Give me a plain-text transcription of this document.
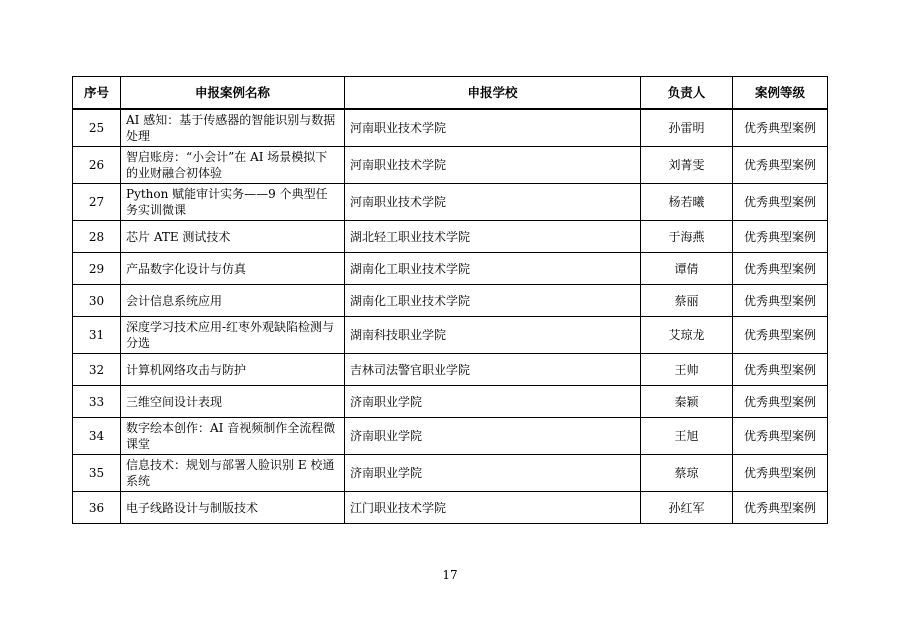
序号	申报案例名称	申报学校	负责人	案例等级
25	AI 感知：基于传感器的智能识别与数据处理	河南职业技术学院	孙雷明	优秀典型案例
26	智启账房：“小会计”在 AI 场景模拟下的业财融合初体验	河南职业技术学院	刘菁雯	优秀典型案例
27	Python 赋能审计实务——9 个典型任务实训微课	河南职业技术学院	杨若曦	优秀典型案例
28	芯片 ATE 测试技术	湖北轻工职业技术学院	于海燕	优秀典型案例
29	产品数字化设计与仿真	湖南化工职业技术学院	谭倩	优秀典型案例
30	会计信息系统应用	湖南化工职业技术学院	蔡丽	优秀典型案例
31	深度学习技术应用-红枣外观缺陷检测与分选	湖南科技职业学院	艾琼龙	优秀典型案例
32	计算机网络攻击与防护	吉林司法警官职业学院	王帅	优秀典型案例
33	三维空间设计表现	济南职业学院	秦颖	优秀典型案例
34	数字绘本创作：AI 音视频制作全流程微课堂	济南职业学院	王旭	优秀典型案例
35	信息技术：规划与部署人脸识别 E 校通系统	济南职业学院	蔡琼	优秀典型案例
36	电子线路设计与制版技术	江门职业技术学院	孙红军	优秀典型案例
17
